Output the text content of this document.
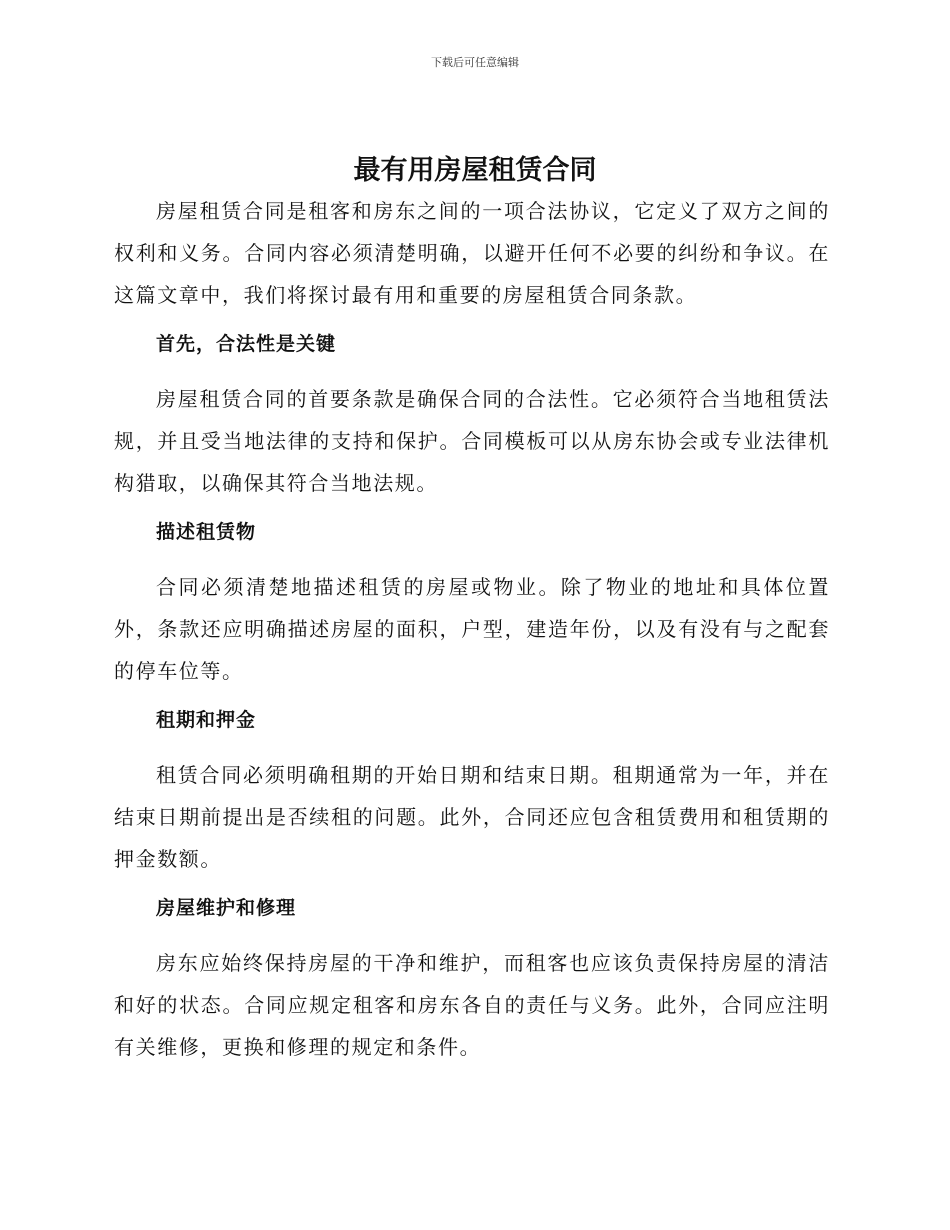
下载后可任意编辑
最有用房屋租赁合同

房屋租赁合同是租客和房东之间的一项合法协议，它定义了双方之间的权利和义务。合同内容必须清楚明确，以避开任何不必要的纠纷和争议。在这篇文章中，我们将探讨最有用和重要的房屋租赁合同条款。

首先，合法性是关键

房屋租赁合同的首要条款是确保合同的合法性。它必须符合当地租赁法规，并且受当地法律的支持和保护。合同模板可以从房东协会或专业法律机构猎取，以确保其符合当地法规。

描述租赁物

合同必须清楚地描述租赁的房屋或物业。除了物业的地址和具体位置外，条款还应明确描述房屋的面积，户型，建造年份，以及有没有与之配套的停车位等。

租期和押金

租赁合同必须明确租期的开始日期和结束日期。租期通常为一年，并在结束日期前提出是否续租的问题。此外，合同还应包含租赁费用和租赁期的押金数额。

房屋维护和修理

房东应始终保持房屋的干净和维护，而租客也应该负责保持房屋的清洁和好的状态。合同应规定租客和房东各自的责任与义务。此外，合同应注明有关维修，更换和修理的规定和条件。
